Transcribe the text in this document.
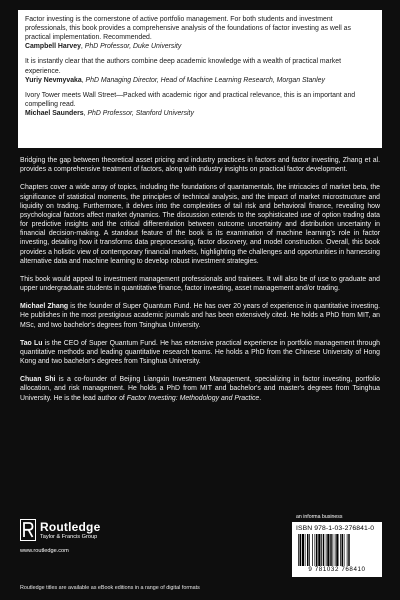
Factor investing is the cornerstone of active portfolio management. For both students and investment professionals, this book provides a comprehensive analysis of the foundations of factor investing as well as practical implementation. Recommended.
Campbell Harvey, PhD Professor, Duke University
It is instantly clear that the authors combine deep academic knowledge with a wealth of practical market experience.
Yuriy Nevmyvaka, PhD Managing Director, Head of Machine Learning Research, Morgan Stanley
Ivory Tower meets Wall Street—Packed with academic rigor and practical relevance, this is an important and compelling read.
Michael Saunders, PhD Professor, Stanford University

Bridging the gap between theoretical asset pricing and industry practices in factors and factor investing, Zhang et al. provides a comprehensive treatment of factors, along with industry insights on practical factor development.

Chapters cover a wide array of topics, including the foundations of quantamentals, the intricacies of market beta, the significance of statistical moments, the principles of technical analysis, and the impact of market microstructure and liquidity on trading. Furthermore, it delves into the complexities of tail risk and behavioral finance, revealing how psychological factors affect market dynamics. The discussion extends to the sophisticated use of option trading data for predictive insights and the critical differentiation between outcome uncertainty and distribution uncertainty in financial decision-making. A standout feature of the book is its examination of machine learning's role in factor investing, detailing how it transforms data preprocessing, factor discovery, and model construction. Overall, this book provides a holistic view of contemporary financial markets, highlighting the challenges and opportunities in harnessing alternative data and machine learning to develop robust investment strategies.

This book would appeal to investment management professionals and trainees. It will also be of use to graduate and upper undergraduate students in quantitative finance, factor investing, asset management and/or trading.

Michael Zhang is the founder of Super Quantum Fund. He has over 20 years of experience in quantitative investing. He publishes in the most prestigious academic journals and has been extensively cited. He holds a PhD from MIT, an MSc, and two bachelor's degrees from Tsinghua University.

Tao Lu is the CEO of Super Quantum Fund. He has extensive practical experience in portfolio management through quantitative methods and leading quantitative research teams. He holds a PhD from the Chinese University of Hong Kong and two bachelor's degrees from Tsinghua University.

Chuan Shi is a co-founder of Beijing Liangxin Investment Management, specializing in factor investing, portfolio allocation, and risk management. He holds a PhD from MIT and bachelor's and master's degrees from Tsinghua University. He is the lead author of Factor Investing: Methodology and Practice.

Routledge
Taylor & Francis Group
www.routledge.com
Routledge titles are available as eBook editions in a range of digital formats
an informa business
ISBN 978-1-03-276841-0
9 781032 768410
